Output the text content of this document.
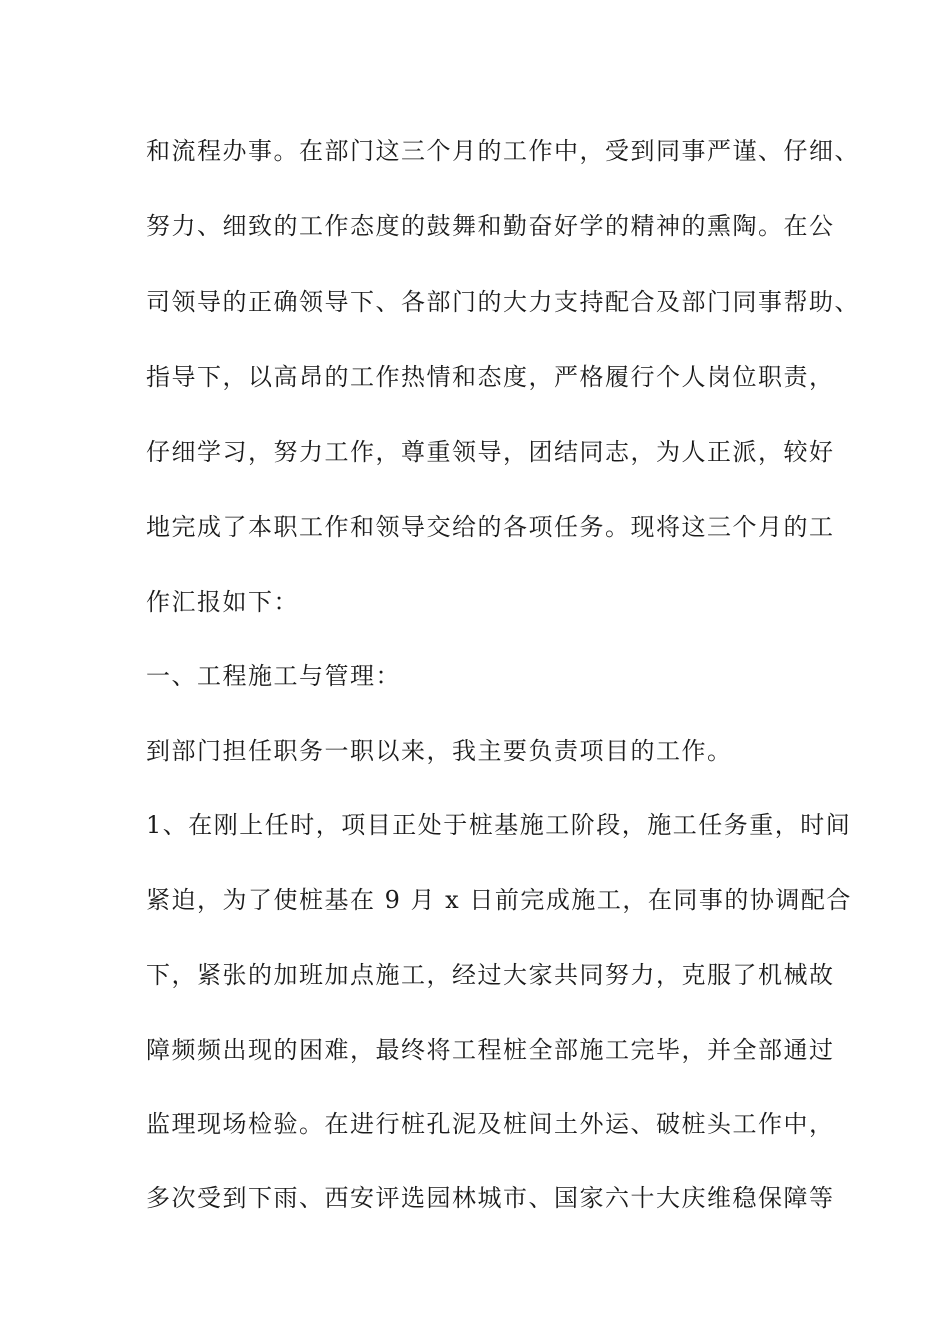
和流程办事。在部门这三个月的工作中，受到同事严谨、仔细、
努力、细致的工作态度的鼓舞和勤奋好学的精神的熏陶。在公
司领导的正确领导下、各部门的大力支持配合及部门同事帮助、
指导下，以高昂的工作热情和态度，严格履行个人岗位职责，
仔细学习，努力工作，尊重领导，团结同志，为人正派，较好
地完成了本职工作和领导交给的各项任务。现将这三个月的工
作汇报如下：
一、工程施工与管理：
到部门担任职务一职以来，我主要负责项目的工作。
1、在刚上任时，项目正处于桩基施工阶段，施工任务重，时间
紧迫，为了使桩基在 9 月 x 日前完成施工，在同事的协调配合
下，紧张的加班加点施工，经过大家共同努力，克服了机械故
障频频出现的困难，最终将工程桩全部施工完毕，并全部通过
监理现场检验。在进行桩孔泥及桩间土外运、破桩头工作中，
多次受到下雨、西安评选园林城市、国家六十大庆维稳保障等
